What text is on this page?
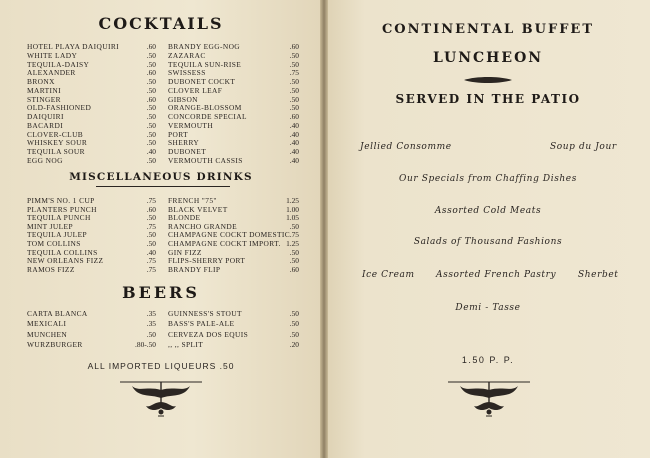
COCKTAILS
HOTEL PLAYA DAIQUIRI	.60
WHITE LADY	.50
TEQUILA-DAISY	.50
ALEXANDER	.60
BRONX	.50
MARTINI	.50
STINGER	.60
OLD-FASHIONED	.50
DAIQUIRI	.50
BACARDI	.50
CLOVER-CLUB	.50
WHISKEY SOUR	.50
TEQUILA SOUR	.40
EGG NOG	.50
BRANDY EGG-NOG	.60
ZAZARAC	.50
TEQUILA SUN-RISE	.50
SWISSESS	.75
DUBONET COCKT	.50
CLOVER LEAF	.50
GIBSON	.50
ORANGE-BLOSSOM	.50
CONCORDE SPECIAL	.60
VERMOUTH	.40
PORT	.40
SHERRY	.40
DUBONET	.40
VERMOUTH CASSIS	.40
MISCELLANEOUS DRINKS
PIMM'S NO. 1 CUP	.75
PLANTERS PUNCH	.60
TEQUILA PUNCH	.50
MINT JULEP	.75
TEQUILA JULEP	.50
TOM COLLINS	.50
TEQUILA COLLINS	.40
NEW ORLEANS FIZZ	.75
RAMOS FIZZ	.75
FRENCH "75"	1.25
BLACK VELVET	1.00
BLONDE	1.05
RANCHO GRANDE	.50
CHAMPAGNE COCKT DOMESTIC .75
CHAMPAGNE COCKT IMPORT. 1.25
GIN FIZZ	.50
FLIPS-SHERRY PORT	.50
BRANDY FLIP	.60
BEERS
CARTA BLANCA	.35
MEXICALI	.35
MUNCHEN	.50
WURZBURGER	.80-.50
GUINNESS'S STOUT	.50
BASS'S PALE-ALE	.50
CERVEZA DOS EQUIS	.50
,, ,, SPLIT	.20
ALL IMPORTED LIQUEURS .50
CONTINENTAL BUFFET
LUNCHEON
SERVED IN THE PATIO
Jellied Consomme	Soup du Jour
Our Specials from Chaffing Dishes
Assorted Cold Meats
Salads of Thousand Fashions
Ice Cream Assorted French Pastry Sherbet
Demi - Tasse
1.50 P. P.
